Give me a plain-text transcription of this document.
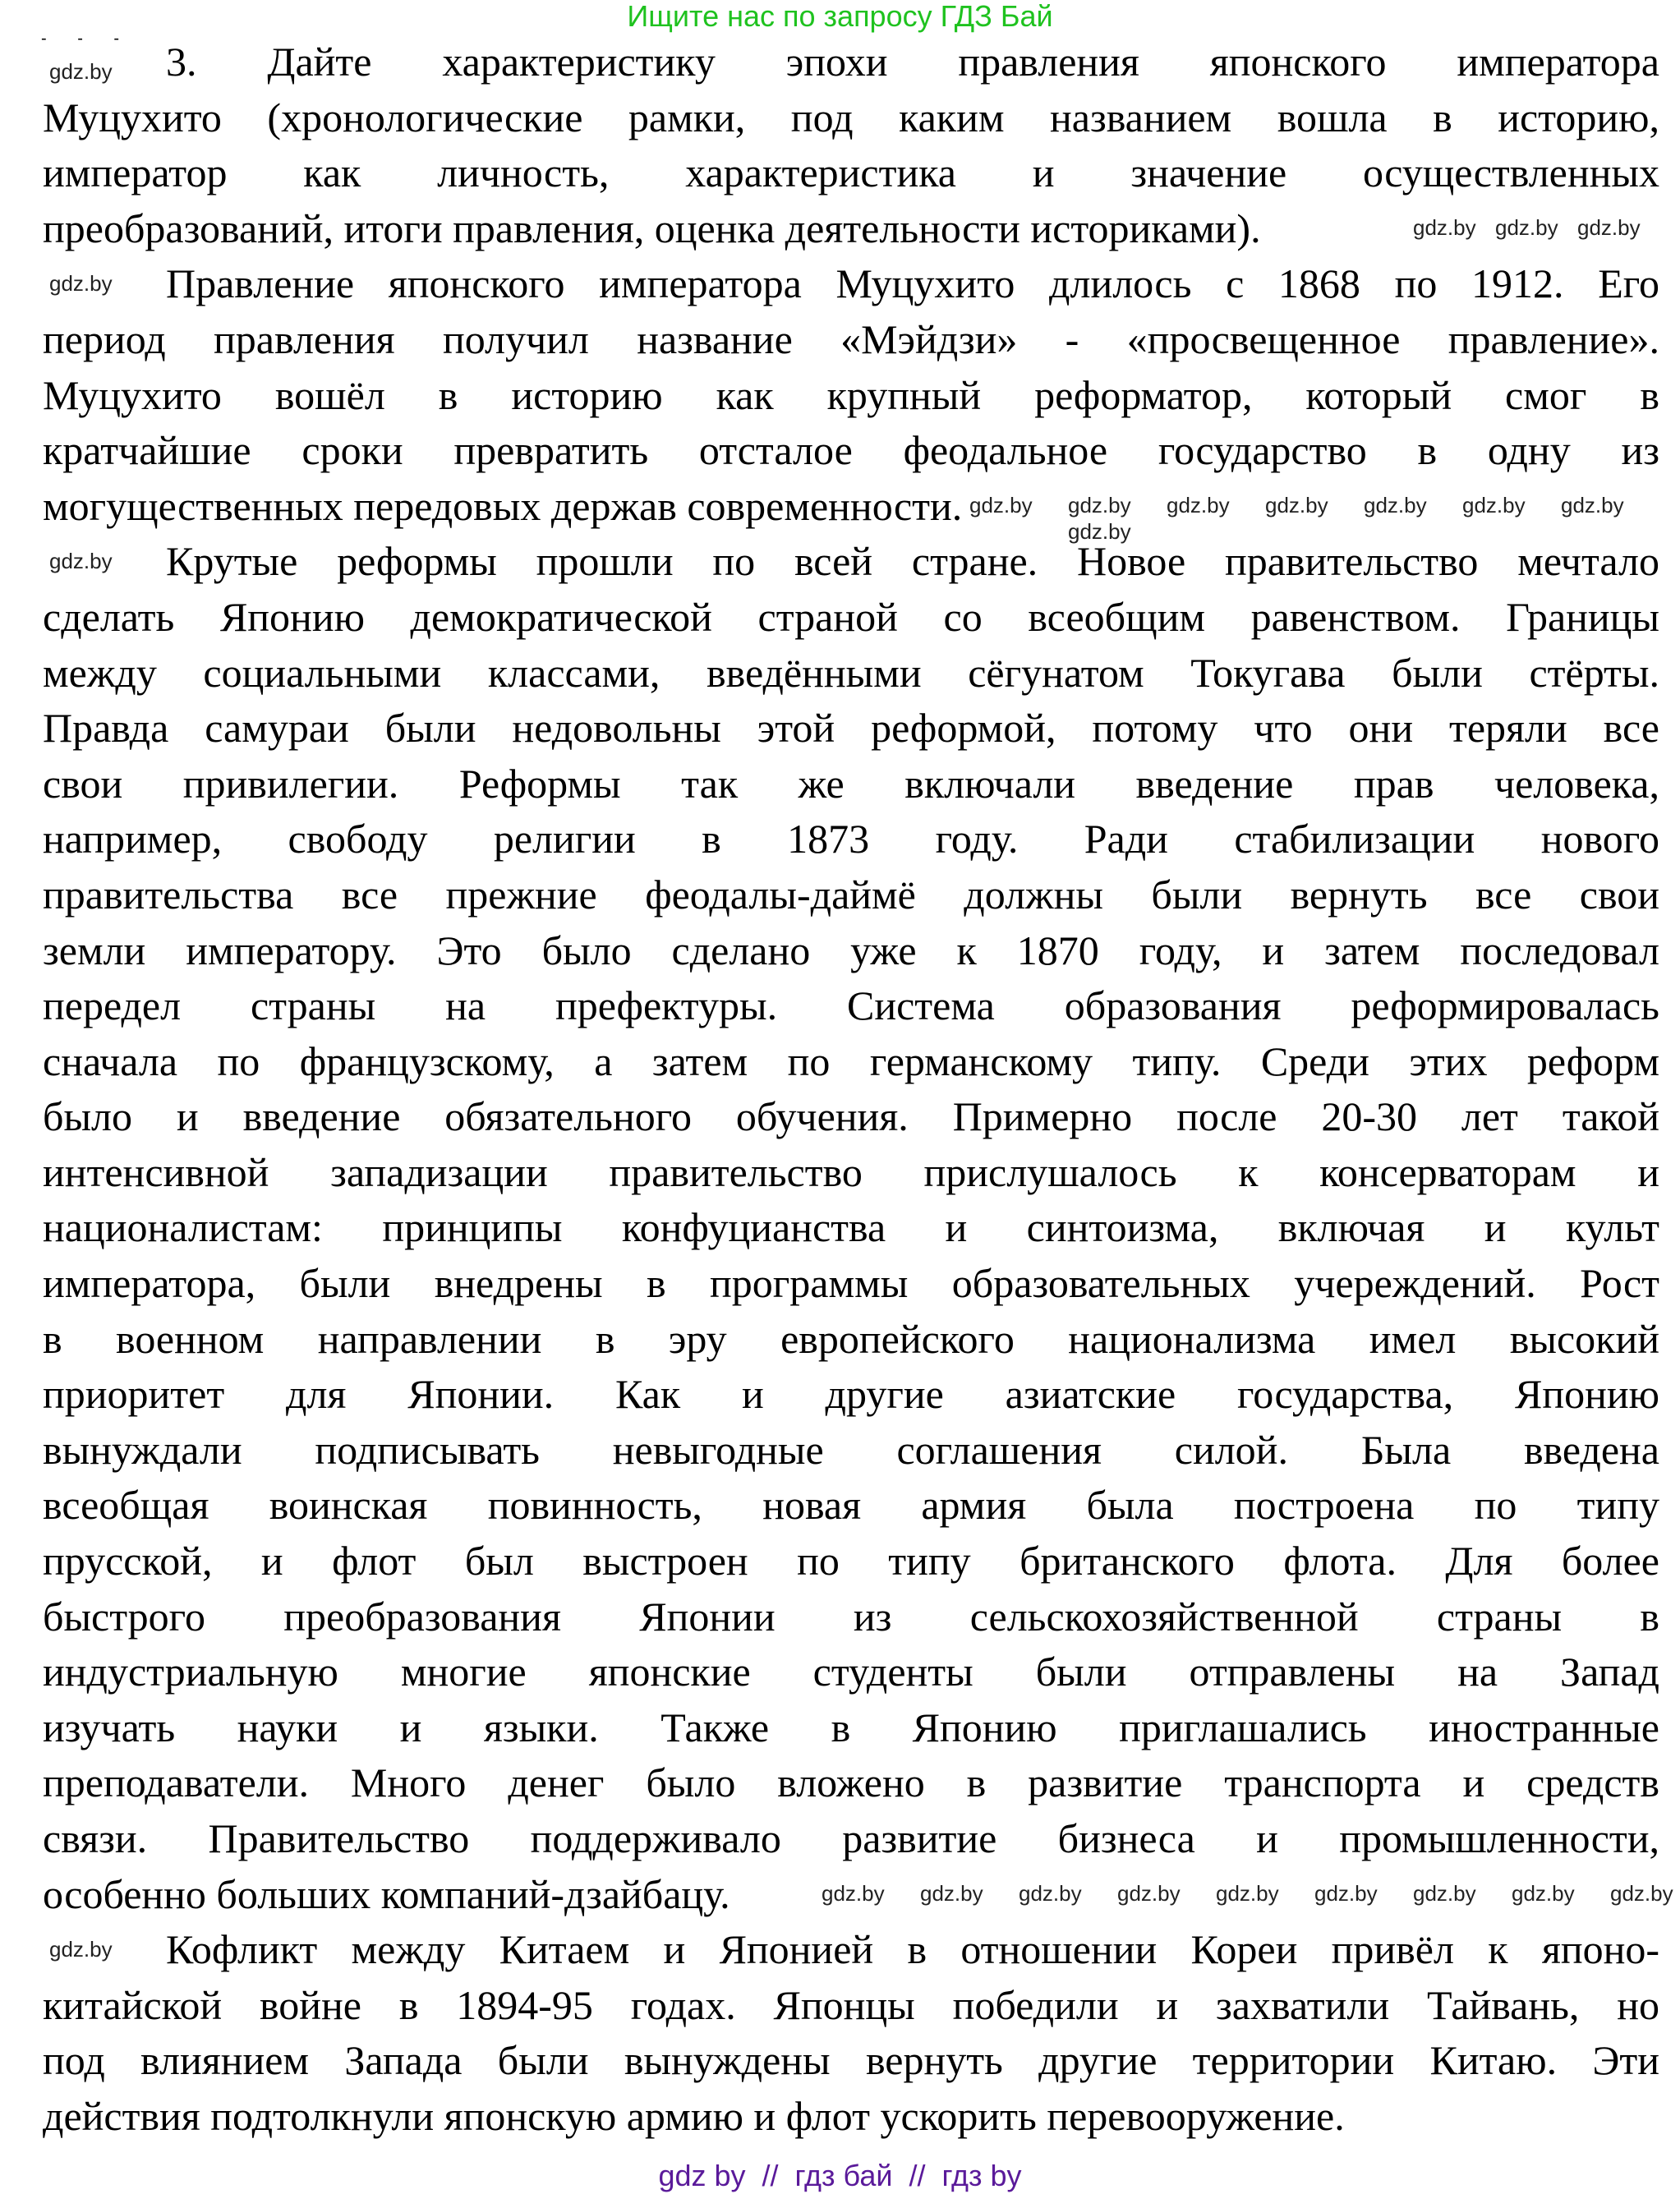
Ищите нас по запросу ГДЗ Бай
- - - 3. Дайте характеристику эпохи правления японского императора
Муцухито (хронологические рамки, под каким названием вошла в историю,
император как личность, характеристика и значение осуществленных
преобразований, итоги правления, оценка деятельности историками).
Правление японского императора Муцухито длилось с 1868 по 1912. Его
период правления получил название «Мэйдзи» - «просвещенное правление».
Муцухито вошёл в историю как крупный реформатор, который смог в
кратчайшие сроки превратить отсталое феодальное государство в одну из
могущественных передовых держав современности.
Крутые реформы прошли по всей стране. Новое правительство мечтало
сделать Японию демократической страной со всеобщим равенством. Границы
между социальными классами, введёнными сёгунатом Токугава были стёрты.
Правда самураи были недовольны этой реформой, потому что они теряли все
свои привилегии. Реформы так же включали введение прав человека,
например, свободу религии в 1873 году. Ради стабилизации нового
правительства все прежние феодалы-даймё должны были вернуть все свои
земли императору. Это было сделано уже к 1870 году, и затем последовал
передел страны на префектуры. Система образования реформировалась
сначала по французскому, а затем по германскому типу. Среди этих реформ
было и введение обязательного обучения. Примерно после 20-30 лет такой
интенсивной западизации правительство прислушалось к консерваторам и
националистам: принципы конфуцианства и синтоизма, включая и культ
императора, были внедрены в программы образовательных учереждений. Рост
в военном направлении в эру европейского национализма имел высокий
приоритет для Японии. Как и другие азиатские государства, Японию
вынуждали подписывать невыгодные соглашения силой. Была введена
всеобщая воинская повинность, новая армия была построена по типу
прусской, и флот был выстроен по типу британского флота. Для более
быстрого преобразования Японии из сельскохозяйственной страны в
индустриальную многие японские студенты были отправлены на Запад
изучать науки и языки. Также в Японию приглашались иностранные
преподаватели. Много денег было вложено в развитие транспорта и средств
связи. Правительство поддерживало развитие бизнеса и промышленности,
особенно больших компаний-дзайбацу.
Кофликт между Китаем и Японией в отношении Кореи привёл к японо-
китайской войне в 1894-95 годах. Японцы победили и захватили Тайвань, но
под влиянием Запада были вынуждены вернуть другие территории Китаю. Эти
действия подтолкнули японскую армию и флот ускорить перевооружение.
gdz.by
gdz.by gdz.by gdz.by
gdz.by
gdz.by gdz.by gdz.by gdz.by gdz.by gdz.by gdz.by
gdz.by
gdz.by
gdz.by gdz.by gdz.by gdz.by gdz.by gdz.by gdz.by gdz.by gdz.by
gdz.by
gdz by  //  гдз бай  //  гдз by
